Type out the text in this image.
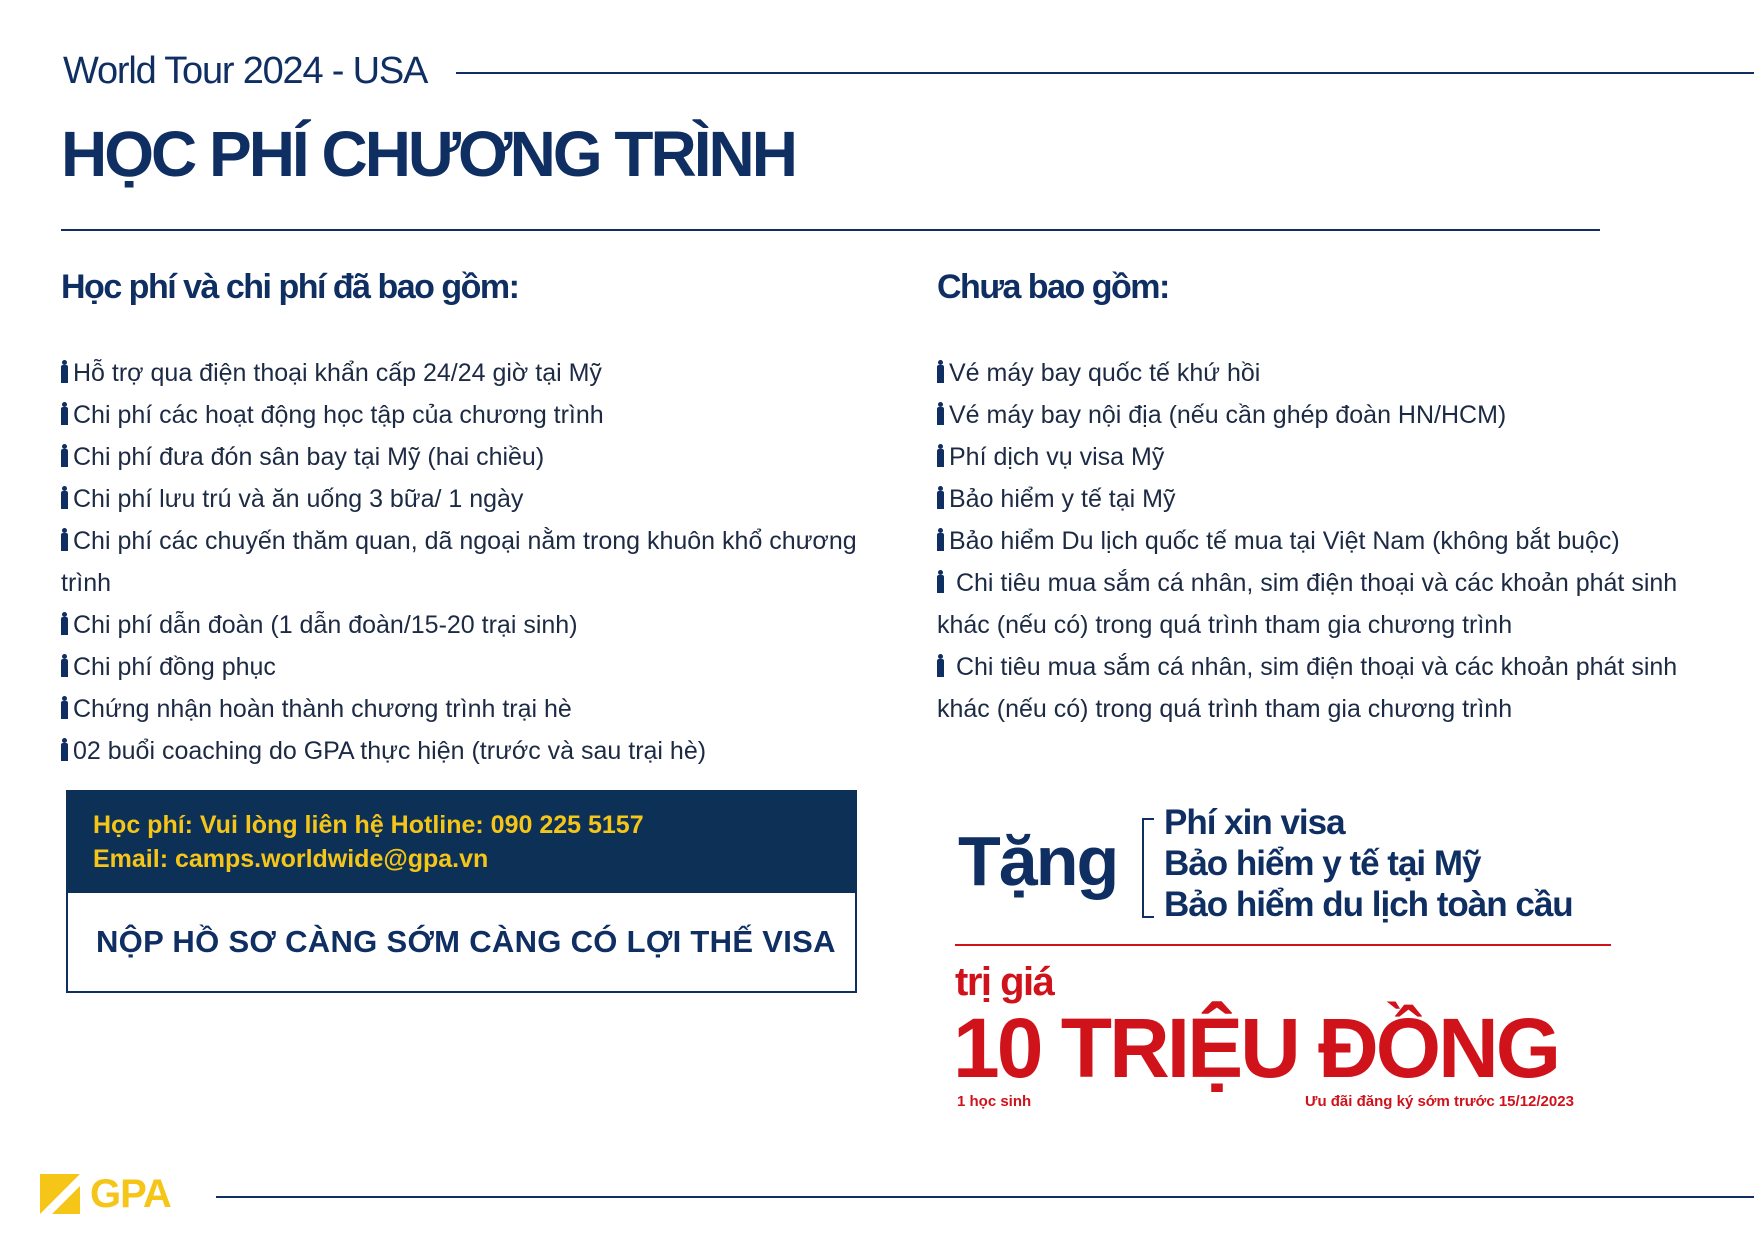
World Tour 2024 - USA
HỌC PHÍ CHƯƠNG TRÌNH
Học phí và chi phí đã bao gồm:	Chưa bao gồm:
Hỗ trợ qua điện thoại khẩn cấp 24/24 giờ tại Mỹ
Chi phí các hoạt động học tập của chương trình
Chi phí đưa đón sân bay tại Mỹ (hai chiều)
Chi phí lưu trú và ăn uống 3 bữa/ 1 ngày
Chi phí các chuyến thăm quan, dã ngoại nằm trong khuôn khổ chương trình
Chi phí dẫn đoàn (1 dẫn đoàn/15-20 trại sinh)
Chi phí đồng phục
Chứng nhận hoàn thành chương trình trại hè
02 buổi coaching do GPA thực hiện (trước và sau trại hè)
Vé máy bay quốc tế khứ hồi
Vé máy bay nội địa (nếu cần ghép đoàn HN/HCM)
Phí dịch vụ visa Mỹ
Bảo hiểm y tế tại Mỹ
Bảo hiểm Du lịch quốc tế mua tại Việt Nam (không bắt buộc)
Chi tiêu mua sắm cá nhân, sim điện thoại và các khoản phát sinh khác (nếu có) trong quá trình tham gia chương trình
Chi tiêu mua sắm cá nhân, sim điện thoại và các khoản phát sinh khác (nếu có) trong quá trình tham gia chương trình
Học phí: Vui lòng liên hệ Hotline: 090 225 5157
Email: camps.worldwide@gpa.vn
NỘP HỒ SƠ CÀNG SỚM CÀNG CÓ LỢI THẾ VISA
Tặng Phí xin visa
Bảo hiểm y tế tại Mỹ
Bảo hiểm du lịch toàn cầu
trị giá
10 TRIỆU ĐỒNG
1 học sinh	Ưu đãi đăng ký sớm trước 15/12/2023
GPA
